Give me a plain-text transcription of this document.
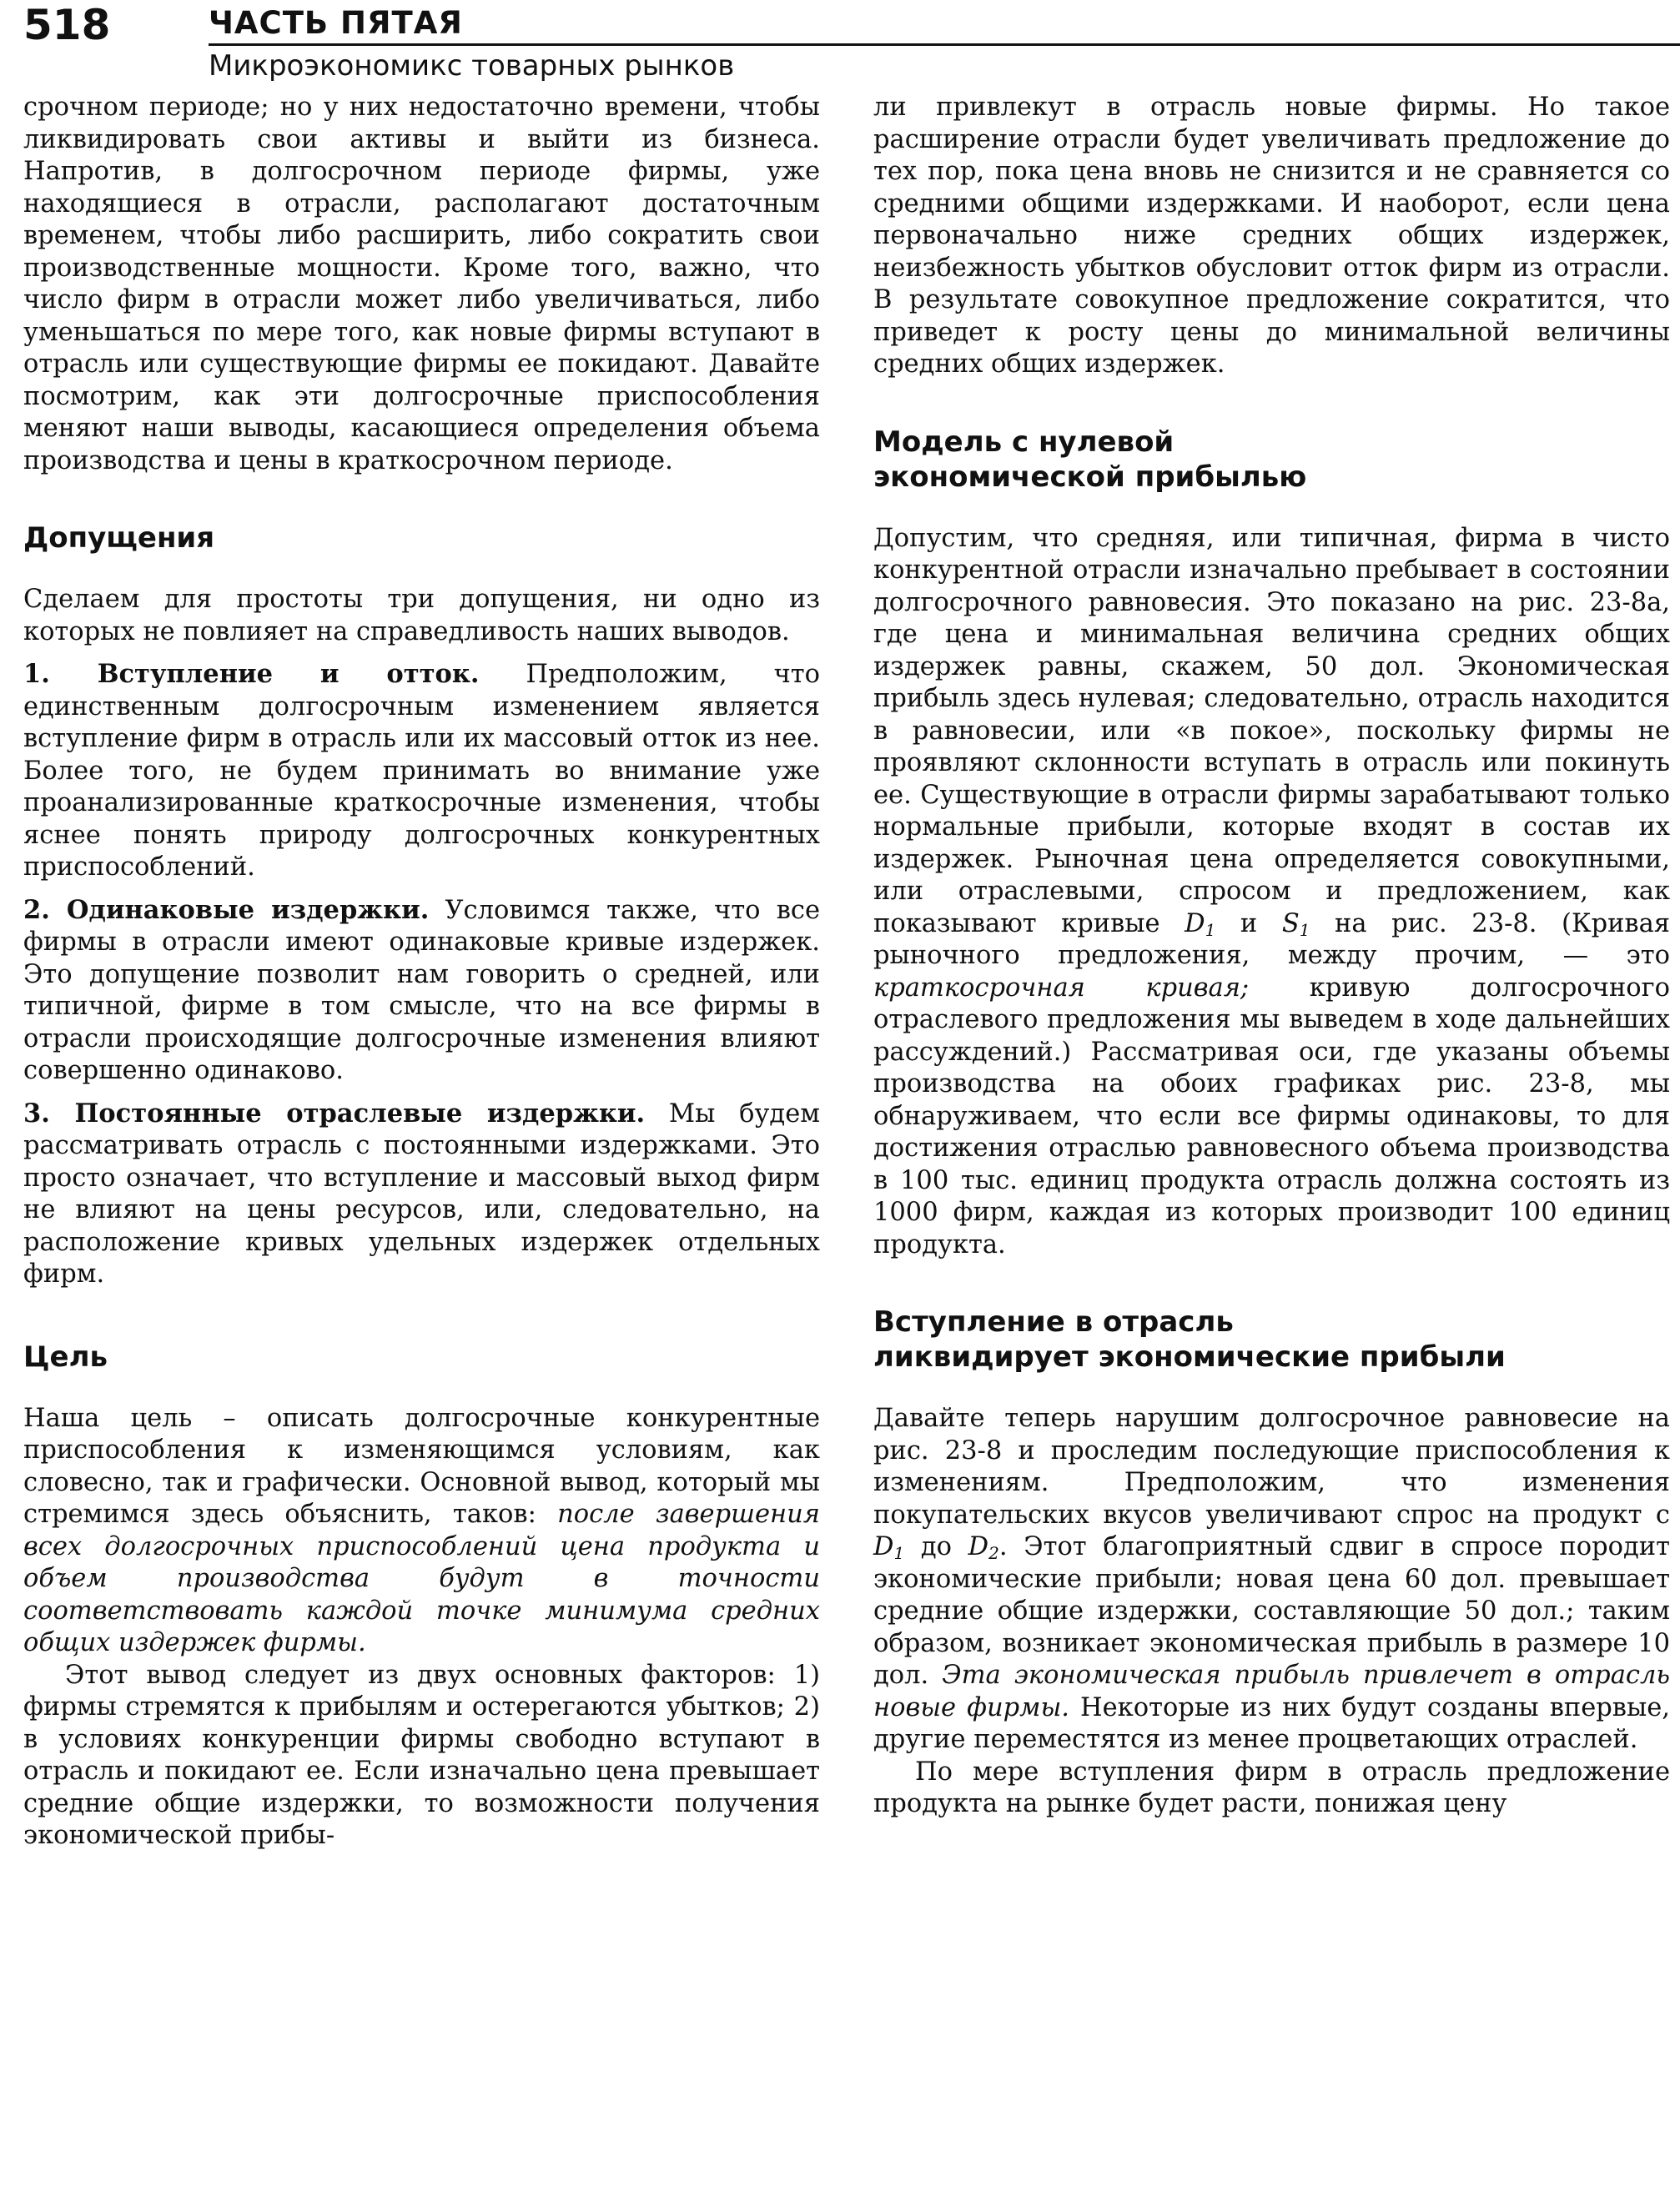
518	ЧАСТЬ ПЯТАЯ
Микроэкономикс товарных рынков

срочном периоде; но у них недостаточно времени, чтобы ликвидировать свои активы и выйти из бизнеса. Напротив, в долгосрочном периоде фирмы, уже находящиеся в отрасли, располагают достаточным временем, чтобы либо расширить, либо сократить свои производственные мощности. Кроме того, важно, что число фирм в отрасли может либо увеличиваться, либо уменьшаться по мере того, как новые фирмы вступают в отрасль или существующие фирмы ее покидают. Давайте посмотрим, как эти долгосрочные приспособления меняют наши выводы, касающиеся определения объема производства и цены в краткосрочном периоде.

Допущения

Сделаем для простоты три допущения, ни одно из которых не повлияет на справедливость наших выводов.

1. Вступление и отток. Предположим, что единственным долгосрочным изменением является вступление фирм в отрасль или их массовый отток из нее. Более того, не будем принимать во внимание уже проанализированные краткосрочные изменения, чтобы яснее понять природу долгосрочных конкурентных приспособлений.

2. Одинаковые издержки. Условимся также, что все фирмы в отрасли имеют одинаковые кривые издержек. Это допущение позволит нам говорить о средней, или типичной, фирме в том смысле, что на все фирмы в отрасли происходящие долгосрочные изменения влияют совершенно одинаково.

3. Постоянные отраслевые издержки. Мы будем рассматривать отрасль с постоянными издержками. Это просто означает, что вступление и массовый выход фирм не влияют на цены ресурсов, или, следовательно, на расположение кривых удельных издержек отдельных фирм.

Цель

Наша цель – описать долгосрочные конкурентные приспособления к изменяющимся условиям, как словесно, так и графически. Основной вывод, который мы стремимся здесь объяснить, таков: после завершения всех долгосрочных приспособлений цена продукта и объем производства будут в точности соответствовать каждой точке минимума средних общих издержек фирмы.

Этот вывод следует из двух основных факторов: 1) фирмы стремятся к прибылям и остерегаются убытков; 2) в условиях конкуренции фирмы свободно вступают в отрасль и покидают ее. Если изначально цена превышает средние общие издержки, то возможности получения экономической прибы-

ли привлекут в отрасль новые фирмы. Но такое расширение отрасли будет увеличивать предложение до тех пор, пока цена вновь не снизится и не сравняется со средними общими издержками. И наоборот, если цена первоначально ниже средних общих издержек, неизбежность убытков обусловит отток фирм из отрасли. В результате совокупное предложение сократится, что приведет к росту цены до минимальной величины средних общих издержек.

Модель с нулевой
экономической прибылью

Допустим, что средняя, или типичная, фирма в чисто конкурентной отрасли изначально пребывает в состоянии долгосрочного равновесия. Это показано на рис. 23-8а, где цена и минимальная величина средних общих издержек равны, скажем, 50 дол. Экономическая прибыль здесь нулевая; следовательно, отрасль находится в равновесии, или «в покое», поскольку фирмы не проявляют склонности вступать в отрасль или покинуть ее. Существующие в отрасли фирмы зарабатывают только нормальные прибыли, которые входят в состав их издержек. Рыночная цена определяется совокупными, или отраслевыми, спросом и предложением, как показывают кривые $D_1$ и $S_1$ на рис. 23-8. (Кривая рыночного предложения, между прочим, — это краткосрочная кривая; кривую долгосрочного отраслевого предложения мы выведем в ходе дальнейших рассуждений.) Рассматривая оси, где указаны объемы производства на обоих графиках рис. 23-8, мы обнаруживаем, что если все фирмы одинаковы, то для достижения отраслью равновесного объема производства в 100 тыс. единиц продукта отрасль должна состоять из 1000 фирм, каждая из которых производит 100 единиц продукта.

Вступление в отрасль
ликвидирует экономические прибыли

Давайте теперь нарушим долгосрочное равновесие на рис. 23-8 и проследим последующие приспособления к изменениям. Предположим, что изменения покупательских вкусов увеличивают спрос на продукт с $D_1$ до $D_2$. Этот благоприятный сдвиг в спросе породит экономические прибыли; новая цена 60 дол. превышает средние общие издержки, составляющие 50 дол.; таким образом, возникает экономическая прибыль в размере 10 дол. Эта экономическая прибыль привлечет в отрасль новые фирмы. Некоторые из них будут созданы впервые, другие переместятся из менее процветающих отраслей.

По мере вступления фирм в отрасль предложение продукта на рынке будет расти, понижая цену
